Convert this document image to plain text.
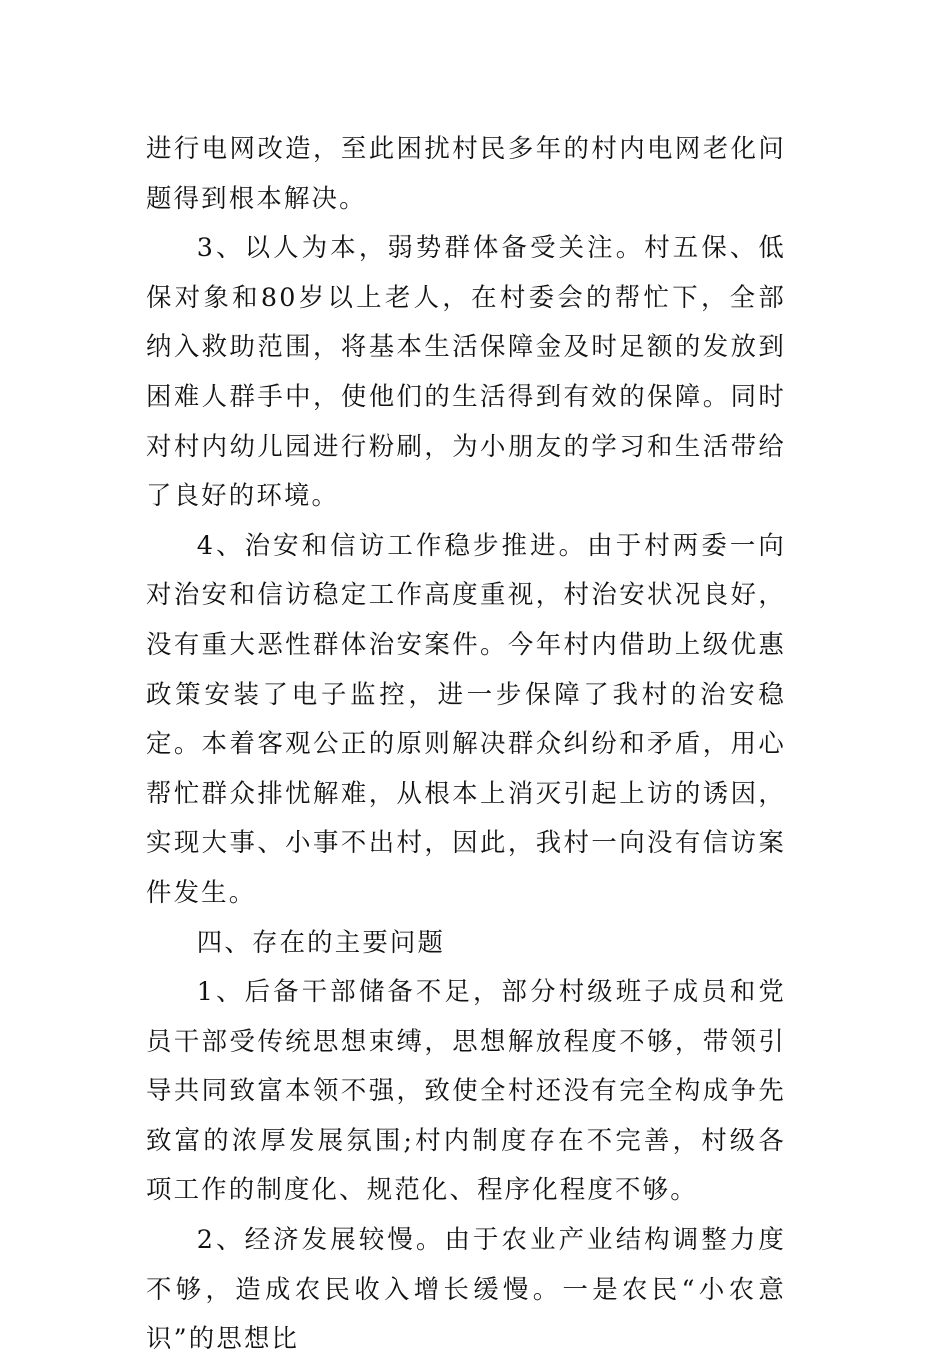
进行电网改造，至此困扰村民多年的村内电网老化问题得到根本解决。

3、以人为本，弱势群体备受关注。村五保、低保对象和80岁以上老人，在村委会的帮忙下，全部纳入救助范围，将基本生活保障金及时足额的发放到困难人群手中，使他们的生活得到有效的保障。同时对村内幼儿园进行粉刷，为小朋友的学习和生活带给了良好的环境。

4、治安和信访工作稳步推进。由于村两委一向对治安和信访稳定工作高度重视，村治安状况良好，没有重大恶性群体治安案件。今年村内借助上级优惠政策安装了电子监控，进一步保障了我村的治安稳定。本着客观公正的原则解决群众纠纷和矛盾，用心帮忙群众排忧解难，从根本上消灭引起上访的诱因，实现大事、小事不出村，因此，我村一向没有信访案件发生。

四、存在的主要问题

1、后备干部储备不足，部分村级班子成员和党员干部受传统思想束缚，思想解放程度不够，带领引导共同致富本领不强，致使全村还没有完全构成争先致富的浓厚发展氛围;村内制度存在不完善，村级各项工作的制度化、规范化、程序化程度不够。

2、经济发展较慢。由于农业产业结构调整力度不够，造成农民收入增长缓慢。一是农民“小农意识”的思想比
